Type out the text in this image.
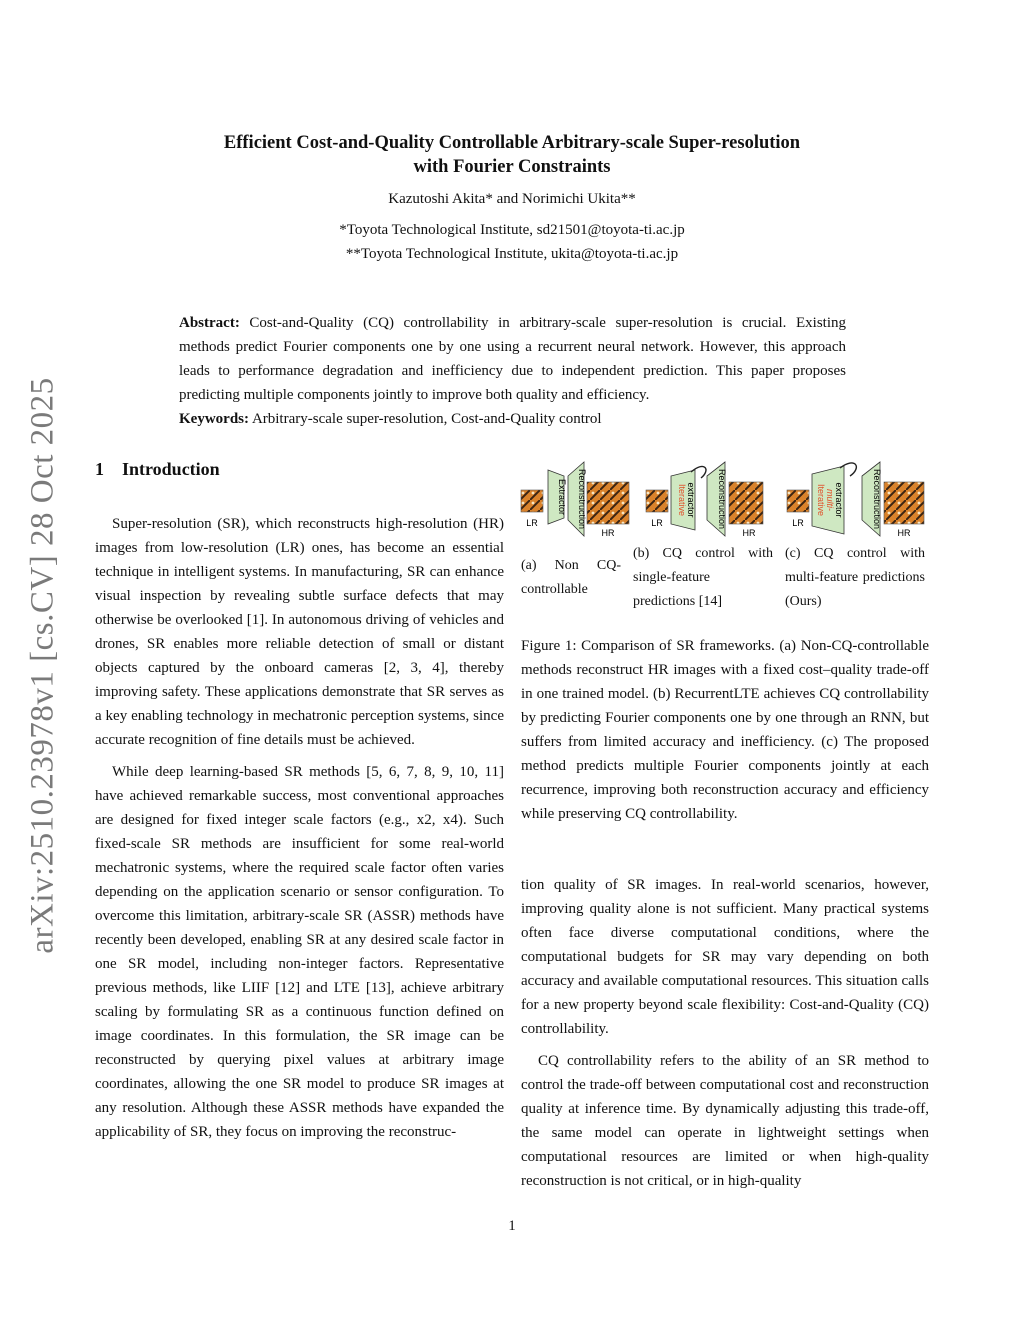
arXiv:2510.23978v1 [cs.CV] 28 Oct 2025
Efficient Cost-and-Quality Controllable Arbitrary-scale Super-resolution
with Fourier Constraints
Kazutoshi Akita* and Norimichi Ukita**
*Toyota Technological Institute, sd21501@toyota-ti.ac.jp
**Toyota Technological Institute, ukita@toyota-ti.ac.jp

Abstract: Cost-and-Quality (CQ) controllability in arbitrary-scale super-resolution is crucial. Existing methods predict Fourier components one by one using a recurrent neural network. However, this approach leads to performance degradation and inefficiency due to independent prediction. This paper proposes predicting multiple components jointly to improve both quality and efficiency.

Keywords: Arbitrary-scale super-resolution, Cost-and-Quality control

1 Introduction

Super-resolution (SR), which reconstructs high-resolution (HR) images from low-resolution (LR) ones, has become an essential technique in intelligent systems. In manufacturing, SR can enhance visual inspection by revealing subtle surface defects that may otherwise be overlooked [1]. In autonomous driving of vehicles and drones, SR enables more reliable detection of small or distant objects captured by the onboard cameras [2, 3, 4], thereby improving safety. These applications demonstrate that SR serves as a key enabling technology in mechatronic perception systems, since accurate recognition of fine details must be achieved.

While deep learning-based SR methods [5, 6, 7, 8, 9, 10, 11] have achieved remarkable success, most conventional approaches are designed for fixed integer scale factors (e.g., x2, x4). Such fixed-scale SR methods are insufficient for some real-world mechatronic systems, where the required scale factor often varies depending on the application scenario or sensor configuration. To overcome this limitation, arbitrary-scale SR (ASSR) methods have recently been developed, enabling SR at any desired scale factor in one SR model, including non-integer factors. Representative previous methods, like LIIF [12] and LTE [13], achieve arbitrary scaling by formulating SR as a continuous function defined on image coordinates. In this formulation, the SR image can be reconstructed by querying pixel values at arbitrary image coordinates, allowing the one SR model to produce SR images at any resolution. Although these ASSR methods have expanded the applicability of SR, they focus on improving the reconstruc-

LR
Extractor Reconstruction
HR
(a) Non CQ-controllable
LR
Iterative extractor Reconstruction
HR
(b) CQ control with single-feature predictions [14]
LR
Iterative multi- extractor	Reconstruction
HR
(c) CQ control with multi-feature predictions (Ours)

Figure 1: Comparison of SR frameworks. (a) Non-CQ-controllable methods reconstruct HR images with a fixed cost–quality trade-off in one trained model. (b) RecurrentLTE achieves CQ controllability by predicting Fourier components one by one through an RNN, but suffers from limited accuracy and inefficiency. (c) The proposed method predicts multiple Fourier components jointly at each recurrence, improving both reconstruction accuracy and efficiency while preserving CQ controllability.

tion quality of SR images. In real-world scenarios, however, improving quality alone is not sufficient. Many practical systems often face diverse computational conditions, where the computational budgets for SR may vary depending on both accuracy and available computational resources. This situation calls for a new property beyond scale flexibility: Cost-and-Quality (CQ) controllability.

CQ controllability refers to the ability of an SR method to control the trade-off between computational cost and reconstruction quality at inference time. By dynamically adjusting this trade-off, the same model can operate in lightweight settings when computational resources are limited or when high-quality reconstruction is not critical, or in high-quality

1
